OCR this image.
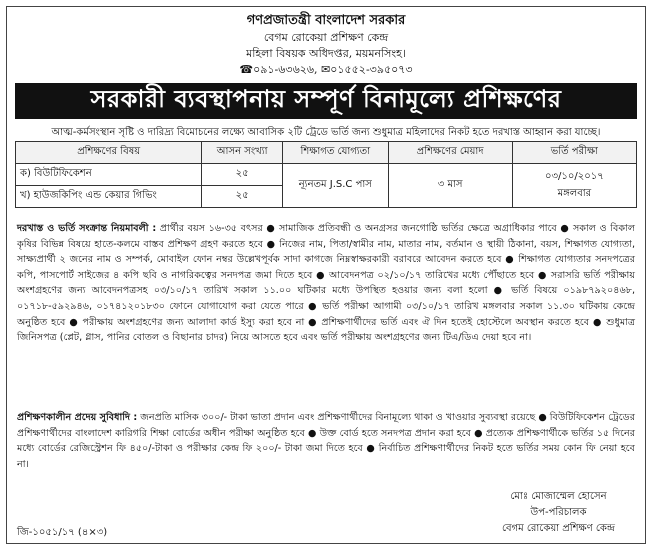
গণপ্রজাতন্ত্রী বাংলাদেশ সরকার
বেগম রোকেয়া প্রশিক্ষণ কেন্দ্র
মহিলা বিষয়ক অধিদপ্তর, ময়মনসিংহ।
☎০৯১-৬৩৬২৬, ✉০১৫৫২-৩৯৫০৭৩
সরকারী ব্যবস্থাপনায় সম্পূর্ণ বিনামূল্যে প্রশিক্ষণের
আত্ম-কর্মসংস্থান সৃষ্টি ও দারিদ্র্য বিমোচনের লক্ষ্যে আবাসিক ২টি ট্রেডে ভর্তি জন্য শুধুমাত্র মহিলাদের নিকট হতে দরখাস্ত আহ্বান করা যাচ্ছে।
প্রশিক্ষণের বিষয়	আসন সংখ্যা	শিক্ষাগত যোগ্যতা	প্রশিক্ষণের মেয়াদ	ভর্তি পরীক্ষা
ক) বিউটিফিকেশন	২৫	ন্যূনতম J.S.C পাস	৩ মাস	০৩/১০/২০১৭
মঙ্গলবার

খ) হাউজকিপিং এন্ড কেয়ার গিভিং	২৫			
দরখাস্ত ও ভর্তি সংক্রান্ত নিয়মাবলী : প্রার্থীর বয়স ১৬-৩৫ বৎসর ● সামাজিক প্রতিবন্ধী ও অনগ্রসর জনগোষ্ঠি ভর্তির ক্ষেত্রে অগ্রাধিকার পাবে ● সকাল ও বিকাল কৃষির বিভিন্ন বিষয়ে হাতে-কলমে বাস্তব প্রশিক্ষণ গ্রহণ করতে হবে ● নিজের নাম, পিতা/স্বামীর নাম, মাতার নাম, বর্তমান ও স্থায়ী ঠিকানা, বয়স, শিক্ষাগত যোগ্যতা, সাক্ষ্যপ্রার্থী ২ জনের নাম ও সম্পর্ক, মোবাইল ফোন নম্বর উল্লেখপূর্বক সাদা কাগজে নিম্নস্বাক্ষরকারী বরাবরে আবেদন করতে হবে ● শিক্ষাগত যোগ্যতার সনদপত্রের কপি, পাসপোর্ট সাইজের ৪ কপি ছবি ও নাগরিকত্বের সনদপত্র জমা দিতে হবে ● আবেদনপত্র ০২/১০/১৭ তারিখের মধ্যে পৌঁছাতে হবে ● সরাসরি ভর্তি পরীক্ষায় অংশগ্রহণের জন্য আবেদনপত্রসহ ০৩/১০/১৭ তারিখ সকাল ১১.০০ ঘটিকার মধ্যে উপস্থিত হওয়ার জন্য বলা হলো ● ভর্তি বিষয়ে ০১৯৮৭৯২০৪৬৮, ০১৭১৮-৫৯২৯৪৬, ০১৭৪১২০১৮৩০ ফোনে যোগাযোগ করা যেতে পারে ● ভর্তি পরীক্ষা আগামী ০৩/১০/১৭ তারিখ মঙ্গলবার সকাল ১১.৩০ ঘটিকায় কেন্দ্রে অনুষ্ঠিত হবে ● পরীক্ষায় অংশগ্রহণের জন্য আলাদা কার্ড ইস্যু করা হবে না ● প্রশিক্ষণার্থীদের ভর্তি এবং ঐ দিন হতেই হোস্টেলে অবস্থান করতে হবে ● শুধুমাত্র জিনিসপত্র (প্লেট, গ্লাস, পানির বোতল ও বিছানার চাদর) নিয়ে আসতে হবে এবং ভর্তি পরীক্ষায় অংশগ্রহণের জন্য টিএ/ডিএ দেয়া হবে না।
প্রশিক্ষণকালীন প্রদেয় সুবিধাদি : জনপ্রতি মাসিক ৩০০/- টাকা ভাতা প্রদান এবং প্রশিক্ষণার্থীদের বিনামূল্যে থাকা ও খাওয়ার সুব্যবস্থা রয়েছে ● বিউটিফিকেশন ট্রেডের প্রশিক্ষণার্থীদের বাংলাদেশ কারিগরি শিক্ষা বোর্ডের অধীন পরীক্ষা অনুষ্ঠিত হবে ● উক্ত বোর্ড হতে সনদপত্র প্রদান করা হবে ● প্রত্যেক প্রশিক্ষণার্থীকে ভর্তির ১৫ দিনের মধ্যে বোর্ডের রেজিস্ট্রেশন ফি ৪৫০/-টাকা ও পরীক্ষার কেন্দ্র ফি ২০০/- টাকা জমা দিতে হবে ● নির্বাচিত প্রশিক্ষণার্থীদের নিকট হতে ভর্তির সময় কোন ফি নেয়া হবে না।
মোঃ মোজাম্মেল হোসেন
উপ-পরিচালক
বেগম রোকেয়া প্রশিক্ষণ কেন্দ্র
জি-১০৫১/১৭ (৪×৩)
